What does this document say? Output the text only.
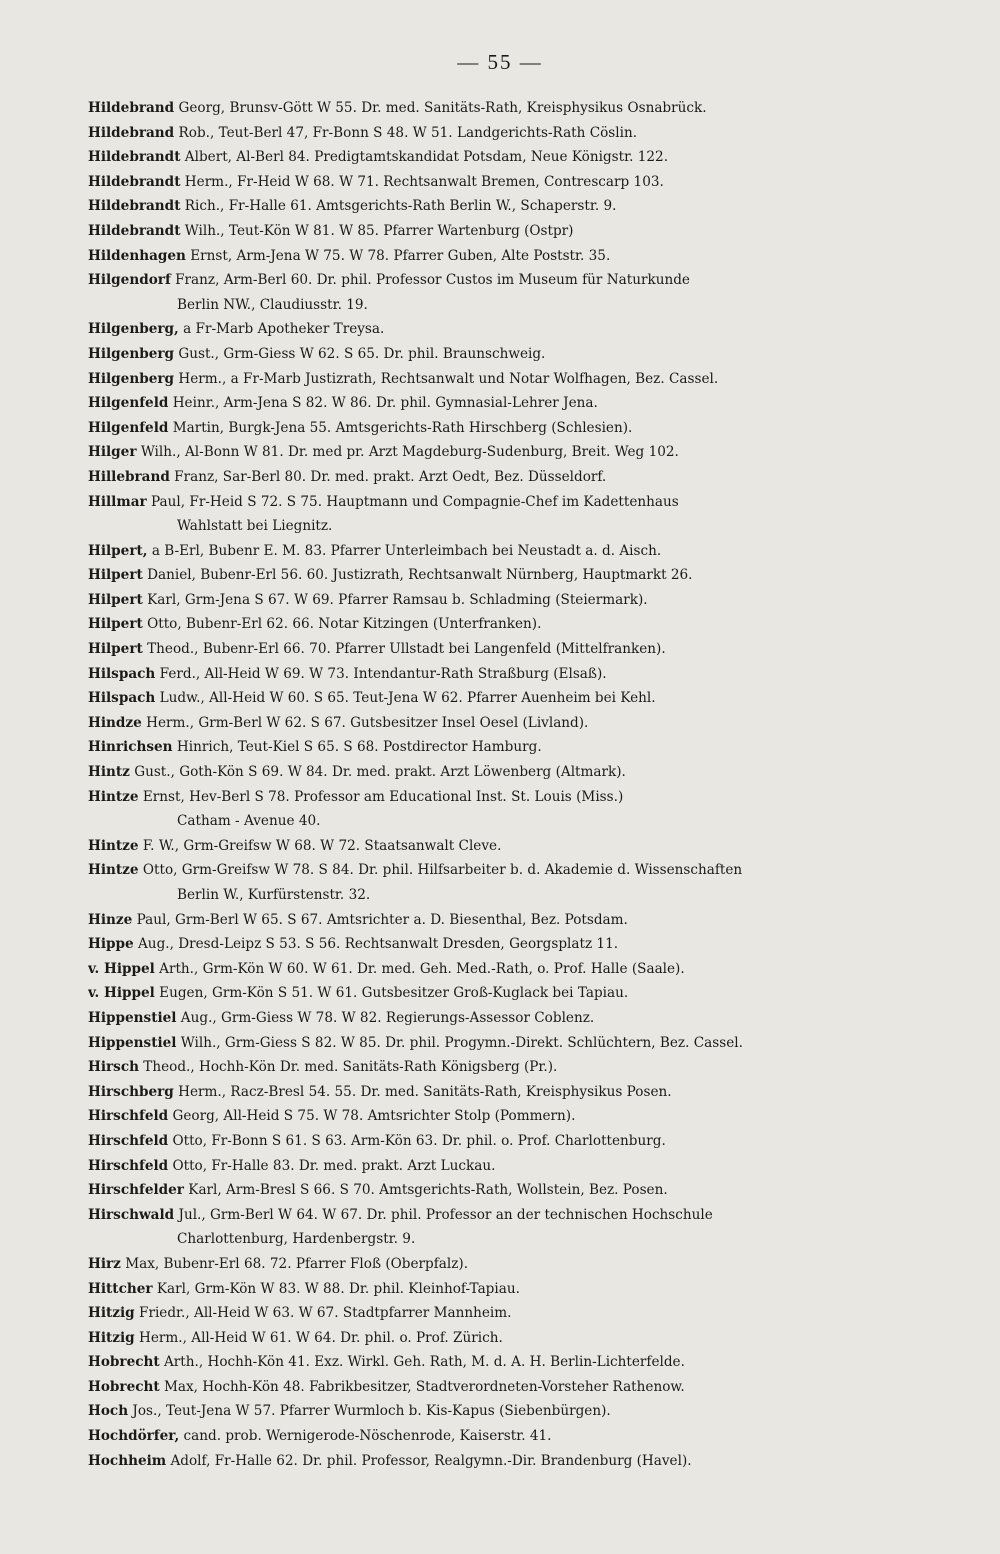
— 55 —
Hildebrand Georg, Brunsv-Gött W 55. Dr. med. Sanitäts-Rath, Kreisphysikus Osnabrück.
Hildebrand Rob., Teut-Berl 47, Fr-Bonn S 48. W 51. Landgerichts-Rath Cöslin.
Hildebrandt Albert, Al-Berl 84. Predigtamtskandidat Potsdam, Neue Königstr. 122.
Hildebrandt Herm., Fr-Heid W 68. W 71. Rechtsanwalt Bremen, Contrescarp 103.
Hildebrandt Rich., Fr-Halle 61. Amtsgerichts-Rath Berlin W., Schaperstr. 9.
Hildebrandt Wilh., Teut-Kön W 81. W 85. Pfarrer Wartenburg (Ostpr)
Hildenhagen Ernst, Arm-Jena W 75. W 78. Pfarrer Guben, Alte Poststr. 35.
Hilgendorf Franz, Arm-Berl 60. Dr. phil. Professor Custos im Museum für Naturkunde
Berlin NW., Claudiusstr. 19.
Hilgenberg, a Fr-Marb Apotheker Treysa.
Hilgenberg Gust., Grm-Giess W 62. S 65. Dr. phil. Braunschweig.
Hilgenberg Herm., a Fr-Marb Justizrath, Rechtsanwalt und Notar Wolfhagen, Bez. Cassel.
Hilgenfeld Heinr., Arm-Jena S 82. W 86. Dr. phil. Gymnasial-Lehrer Jena.
Hilgenfeld Martin, Burgk-Jena 55. Amtsgerichts-Rath Hirschberg (Schlesien).
Hilger Wilh., Al-Bonn W 81. Dr. med pr. Arzt Magdeburg-Sudenburg, Breit. Weg 102.
Hillebrand Franz, Sar-Berl 80. Dr. med. prakt. Arzt Oedt, Bez. Düsseldorf.
Hillmar Paul, Fr-Heid S 72. S 75. Hauptmann und Compagnie-Chef im Kadettenhaus
Wahlstatt bei Liegnitz.
Hilpert, a B-Erl, Bubenr E. M. 83. Pfarrer Unterleimbach bei Neustadt a. d. Aisch.
Hilpert Daniel, Bubenr-Erl 56. 60. Justizrath, Rechtsanwalt Nürnberg, Hauptmarkt 26.
Hilpert Karl, Grm-Jena S 67. W 69. Pfarrer Ramsau b. Schladming (Steiermark).
Hilpert Otto, Bubenr-Erl 62. 66. Notar Kitzingen (Unterfranken).
Hilpert Theod., Bubenr-Erl 66. 70. Pfarrer Ullstadt bei Langenfeld (Mittelfranken).
Hilspach Ferd., All-Heid W 69. W 73. Intendantur-Rath Straßburg (Elsaß).
Hilspach Ludw., All-Heid W 60. S 65. Teut-Jena W 62. Pfarrer Auenheim bei Kehl.
Hindze Herm., Grm-Berl W 62. S 67. Gutsbesitzer Insel Oesel (Livland).
Hinrichsen Hinrich, Teut-Kiel S 65. S 68. Postdirector Hamburg.
Hintz Gust., Goth-Kön S 69. W 84. Dr. med. prakt. Arzt Löwenberg (Altmark).
Hintze Ernst, Hev-Berl S 78. Professor am Educational Inst. St. Louis (Miss.)
Catham - Avenue 40.
Hintze F. W., Grm-Greifsw W 68. W 72. Staatsanwalt Cleve.
Hintze Otto, Grm-Greifsw W 78. S 84. Dr. phil. Hilfsarbeiter b. d. Akademie d. Wissenschaften
Berlin W., Kurfürstenstr. 32.
Hinze Paul, Grm-Berl W 65. S 67. Amtsrichter a. D. Biesenthal, Bez. Potsdam.
Hippe Aug., Dresd-Leipz S 53. S 56. Rechtsanwalt Dresden, Georgsplatz 11.
v. Hippel Arth., Grm-Kön W 60. W 61. Dr. med. Geh. Med.-Rath, o. Prof. Halle (Saale).
v. Hippel Eugen, Grm-Kön S 51. W 61. Gutsbesitzer Groß-Kuglack bei Tapiau.
Hippenstiel Aug., Grm-Giess W 78. W 82. Regierungs-Assessor Coblenz.
Hippenstiel Wilh., Grm-Giess S 82. W 85. Dr. phil. Progymn.-Direkt. Schlüchtern, Bez. Cassel.
Hirsch Theod., Hochh-Kön Dr. med. Sanitäts-Rath Königsberg (Pr.).
Hirschberg Herm., Racz-Bresl 54. 55. Dr. med. Sanitäts-Rath, Kreisphysikus Posen.
Hirschfeld Georg, All-Heid S 75. W 78. Amtsrichter Stolp (Pommern).
Hirschfeld Otto, Fr-Bonn S 61. S 63. Arm-Kön 63. Dr. phil. o. Prof. Charlottenburg.
Hirschfeld Otto, Fr-Halle 83. Dr. med. prakt. Arzt Luckau.
Hirschfelder Karl, Arm-Bresl S 66. S 70. Amtsgerichts-Rath, Wollstein, Bez. Posen.
Hirschwald Jul., Grm-Berl W 64. W 67. Dr. phil. Professor an der technischen Hochschule
Charlottenburg, Hardenbergstr. 9.
Hirz Max, Bubenr-Erl 68. 72. Pfarrer Floß (Oberpfalz).
Hittcher Karl, Grm-Kön W 83. W 88. Dr. phil. Kleinhof-Tapiau.
Hitzig Friedr., All-Heid W 63. W 67. Stadtpfarrer Mannheim.
Hitzig Herm., All-Heid W 61. W 64. Dr. phil. o. Prof. Zürich.
Hobrecht Arth., Hochh-Kön 41. Exz. Wirkl. Geh. Rath, M. d. A. H. Berlin-Lichterfelde.
Hobrecht Max, Hochh-Kön 48. Fabrikbesitzer, Stadtverordneten-Vorsteher Rathenow.
Hoch Jos., Teut-Jena W 57. Pfarrer Wurmloch b. Kis-Kapus (Siebenbürgen).
Hochdörfer, cand. prob. Wernigerode-Nöschenrode, Kaiserstr. 41.
Hochheim Adolf, Fr-Halle 62. Dr. phil. Professor, Realgymn.-Dir. Brandenburg (Havel).
